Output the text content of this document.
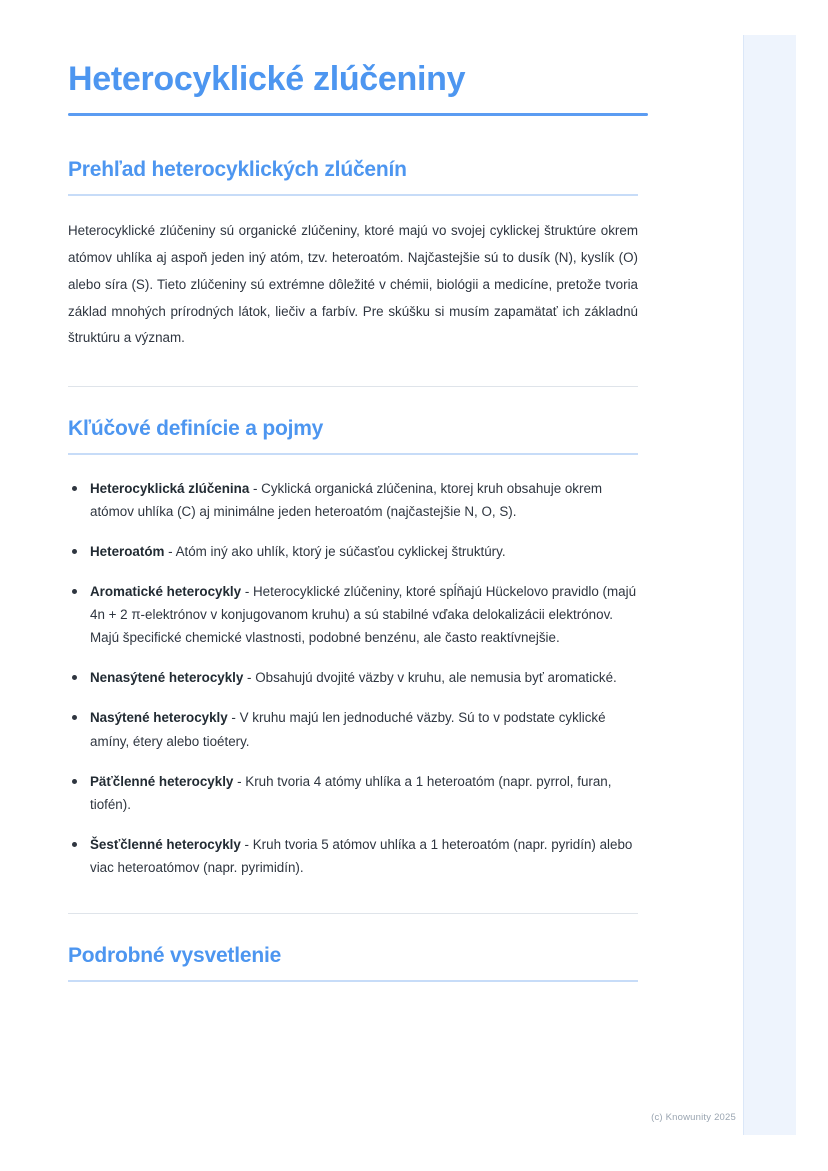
Heterocyklické zlúčeniny
Prehľad heterocyklických zlúčenín

Heterocyklické zlúčeniny sú organické zlúčeniny, ktoré majú vo svojej cyklickej štruktúre okrem atómov uhlíka aj aspoň jeden iný atóm, tzv. heteroatóm. Najčastejšie sú to dusík (N), kyslík (O) alebo síra (S). Tieto zlúčeniny sú extrémne dôležité v chémii, biológii a medicíne, pretože tvoria základ mnohých prírodných látok, liečiv a farbív. Pre skúšku si musím zapamätať ich základnú štruktúru a význam.

Kľúčové definície a pojmy
Heterocyklická zlúčenina - Cyklická organická zlúčenina, ktorej kruh obsahuje okrem atómov uhlíka (C) aj minimálne jeden heteroatóm (najčastejšie N, O, S).
Heteroatóm - Atóm iný ako uhlík, ktorý je súčasťou cyklickej štruktúry.
Aromatické heterocykly - Heterocyklické zlúčeniny, ktoré spĺňajú Hückelovo pravidlo (majú 4n + 2 π-elektrónov v konjugovanom kruhu) a sú stabilné vďaka delokalizácii elektrónov. Majú špecifické chemické vlastnosti, podobné benzénu, ale často reaktívnejšie.
Nenasýtené heterocykly - Obsahujú dvojité väzby v kruhu, ale nemusia byť aromatické.
Nasýtené heterocykly - V kruhu majú len jednoduché väzby. Sú to v podstate cyklické amíny, étery alebo tioétery.
Päťčlenné heterocykly - Kruh tvoria 4 atómy uhlíka a 1 heteroatóm (napr. pyrrol, furan, tiofén).
Šesťčlenné heterocykly - Kruh tvoria 5 atómov uhlíka a 1 heteroatóm (napr. pyridín) alebo viac heteroatómov (napr. pyrimidín).
Podrobné vysvetlenie
(c) Knowunity 2025
